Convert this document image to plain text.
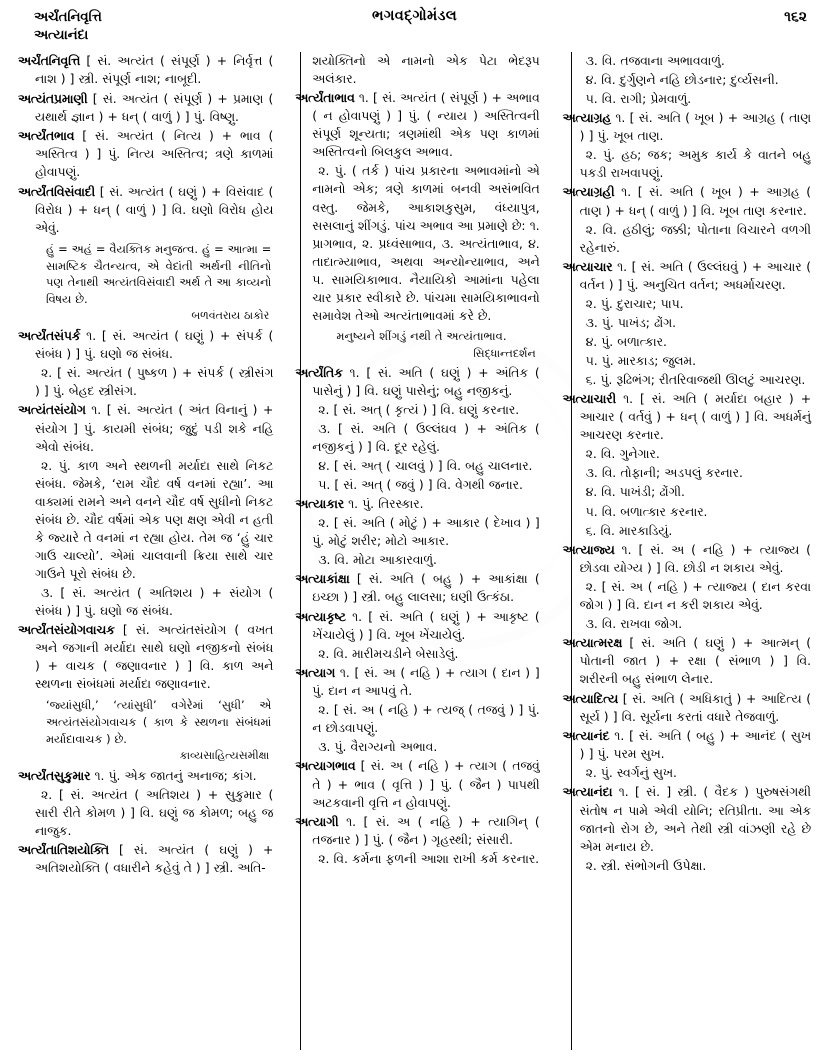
અર્ચંતનિવૃત્તિ
અત્યાનંદા
ભગવદ્ગોમંડલ	૧૬૨

અર્ચંતનિવૃત્તિ [ સં. અત્યંત ( સંપૂર્ણ ) + નિર્વૃત્ત ( નાશ ) ] સ્ત્રી. સંપૂર્ણ નાશ; નાબૂદી.

અત્યંતપ્રમાણી [ સં. અત્યંત ( સંપૂર્ણ ) + પ્રમાણ ( યથાર્થ જ્ઞાન ) + ધન્ ( વાળું ) ] પું. વિષ્ણુ.

અર્ત્યંતભાવ [ સં. અત્યંત ( નિત્ય ) + ભાવ ( અસ્તિત્વ ) ] પું. નિત્ય અસ્તિત્વ; ત્રણે કાળમાં હોવાપણું.

અર્ત્યંતવિસંવાદી [ સં. અત્યંત ( ઘણું ) + વિસંવાદ ( વિરોધ ) + ધન્ ( વાળું ) ] વિ. ઘણો વિરોધ હોય એવું.

હું = અહં = વૈયક્તિક મનુજત્વ. હું = આત્મા = સામષ્ટિક ચૈતન્યત્વ, એ વેદાંતી અર્થની નીતિનો પણ તેનાથી અત્યંતવિસંવાદી અર્થ તે આ કાવ્યનો વિષય છે.
બળવંતરાય ઠાકોર

અર્ત્યંતસંપર્ક ૧. [ સં. અત્યંત ( ઘણું ) + સંપર્ક ( સંબંધ ) ] પું. ઘણો જ સંબંધ.

૨. [ સં. અત્યંત ( પુષ્કળ ) + સંપર્ક ( સ્ત્રીસંગ ) ] પું. બેહદ સ્ત્રીસંગ.

અત્યંતસંયોગ ૧. [ સં. અત્યંત ( અંત વિનાનું ) + સંયોગ ] પું. કાયમી સંબંધ; જુદું પડી શકે નહિ એવો સંબંધ.

૨. પું. કાળ અને સ્થળની મર્યાદા સાથે નિકટ સંબંધ. જેમકે, ‘રામ ચૌદ વર્ષ વનમાં રહ્યા’. આ વાક્યમાં રામને અને વનને ચૌદ વર્ષ સુધીનો નિકટ સંબંધ છે. ચૌદ વર્ષમાં એક પણ ક્ષણ એવી ન હતી કે જ્યારે તે વનમાં ન રહ્યા હોય. તેમ જ ‘હું ચાર ગાઉ ચાલ્યો’. એમાં ચાલવાની ક્રિયા સાથે ચાર ગાઉને પૂરો સંબંધ છે.

૩. [ સં. અત્યંત ( અતિશય ) + સંયોગ ( સંબંધ ) ] પું. ઘણો જ સંબંધ.

અર્ત્યંતસંયોગવાચક [ સં. અત્યંતસંયોગ ( વખત અને જગાની મર્યાદા સાથે ઘણો નજીકનો સંબંધ ) + વાચક ( જણાવનાર ) ] વિ. કાળ અને સ્થળના સંબંધમાં મર્યાદા જણાવનાર.

‘જ્યાંસુધી,’ ‘ત્યાંસુધી’ વગેરેમાં ‘સુધી’ એ અત્યંતસંયોગવાચક ( કાળ કે સ્થળના સંબંધમાં મર્યાદાવાચક ) છે.
કાવ્યસાહિત્યસમીક્ષા

અર્ત્યંતસુકુમાર ૧. પું. એક જાતનું અનાજ; કાંગ.

૨. [ સં. અત્યંત ( અતિશય ) + સુકુમાર ( સારી રીતે કોમળ ) ] વિ. ઘણું જ કોમળ; બહુ જ નાજુક.

અર્ત્યંતાતિશયોક્તિ [ સં. અત્યંત ( ઘણું ) + અતિશયોક્તિ ( વધારીને કહેવું તે ) ] સ્ત્રી. અતિ-

શયોક્તિનો એ નામનો એક પેટા ભેદરૂપ અલંકાર.

અર્ત્યંતાભાવ ૧. [ સં. અત્યંત ( સંપૂર્ણ ) + અભાવ ( ન હોવાપણું ) ] પું. ( ન્યાય ) અસ્તિત્વની સંપૂર્ણ શૂન્યતા; ત્રણમાંથી એક પણ કાળમાં અસ્તિત્વનો બિલકુલ અભાવ.

૨. પું. ( તર્ક ) પાંચ પ્રકારના અભાવમાંનો એ નામનો એક; ત્રણે કાળમાં બનવી અસંભવિત વસ્તુ. જેમકે, આકાશકુસુમ, વંધ્યાપુત્ર, સસલાનું શીંગડું. પાંચ અભાવ આ પ્રમાણે છે: ૧. પ્રાગભાવ, ૨. પ્રધ્વંસાભાવ, ૩. અત્યંતાભાવ, ૪. તાદાત્મ્યાભાવ, અથવા અન્યોન્યાભાવ, અને ૫. સામયિકાભાવ. નૈયાયિકો આમાંના પહેલા ચાર પ્રકાર સ્વીકારે છે. પાંચમા સામયિકાભાવનો સમાવેશ તેઓ અત્યંતાભાવમાં કરે છે.

મનુષ્યને શીંગડું નથી તે અત્યંતાભાવ.
સિદ્ધાન્તદર્શન

અર્ત્યંતિક ૧. [ સં. અતિ ( ઘણું ) + અંતિક ( પાસેનું ) ] વિ. ઘણું પાસેનું; બહુ નજીકનું.

૨. [ સં. અત્ ( કૃત્યં ) ] વિ. ઘણું કરનાર.

૩. [ સં. અતિ ( ઉલ્લંઘવ ) + અંતિક ( નજીકનું ) ] વિ. દૂર રહેલું.

૪. [ સં. અત્ ( ચાલવું ) ] વિ. બહુ ચાલનાર.

૫. [ સં. અત્ ( જવું ) ] વિ. વેગથી જનાર.

અત્યાકાર ૧. પું. તિરસ્કાર.

૨. [ સં. અતિ ( મોટું ) + આકાર ( દેખાવ ) ] પું. મોટું શરીર; મોટો આકાર.

૩. વિ. મોટા આકારવાળું.

અત્યાકાંક્ષા [ સં. અતિ ( બહુ ) + આકાંક્ષા ( ઇચ્છા ) ] સ્ત્રી. બહુ લાલસા; ઘણી ઉત્કંઠા.

અત્યાકૃષ્ટ ૧. [ સં. અતિ ( ઘણું ) + આકૃષ્ટ ( ખેંચાયેલું ) ] વિ. ખૂબ ખેંચાયેલું.

૨. વિ. મારીમચડીને બેસાડેલું.

અત્યાગ ૧. [ સં. અ ( નહિ ) + ત્યાગ ( દાન ) ] પું. દાન ન આપવું તે.

૨. [ સં. અ ( નહિ ) + ત્યજ્ ( તજવું ) ] પું. ન છોડવાપણું.

૩. પું. વૈરાગ્યનો અભાવ.

અત્યાગભાવ [ સં. અ ( નહિ ) + ત્યાગ ( તજવું તે ) + ભાવ ( વૃત્તિ ) ] પું. ( જૈન ) પાપથી અટકવાની વૃત્તિ ન હોવાપણું.

અત્યાગી ૧. [ સં. અ ( નહિ ) + ત્યાગિન્ ( તજનાર ) ] પું. ( જૈન ) ગૃહસ્થી; સંસારી.

૨. વિ. કર્મના ફળની આશા રાખી કર્મ કરનાર.

૩. વિ. તજવાના અભાવવાળું.

૪. વિ. દુર્ગુણને નહિ છોડનાર; દુર્વ્યસની.

૫. વિ. રાગી; પ્રેમવાળું.

અત્યાગ્રહ ૧. [ સં. અતિ ( ખૂબ ) + આગ્રહ ( તાણ ) ] પું. ખૂબ તાણ.

૨. પું. હઠ; જક; અમુક કાર્ય કે વાતને બહુ પકડી રાખવાપણું.

અત્યાગ્રહી ૧. [ સં. અતિ ( ખૂબ ) + આગ્રહ ( તાણ ) + ધન્ ( વાળું ) ] વિ. ખૂબ તાણ કરનાર.

૨. વિ. હઠીલું; જક્કી; પોતાના વિચારને વળગી રહેનારું.

અત્યાચાર ૧. [ સં. અતિ ( ઉલ્લંઘવું ) + આચાર ( વર્તન ) ] પું. અનુચિત વર્તન; અધર્માચરણ.

૨. પું. દુરાચાર; પાપ.

૩. પું. પાખંડ; ઢોંગ.

૪. પું. બળાત્કાર.

૫. પું. મારકાડ; જુલમ.

૬. પું. રૂઢિભંગ; રીતરિવાજથી ઊલટું આચરણ.

અત્યાચારી ૧. [ સં. અતિ ( મર્યાદા બહાર ) + આચાર ( વર્તવું ) + ધન્ ( વાળું ) ] વિ. અધર્મનું આચરણ કરનાર.

૨. વિ. ગુનેગાર.

૩. વિ. તોફાની; અડપલું કરનાર.

૪. વિ. પાખંડી; ઢોંગી.

૫. વિ. બળાત્કાર કરનાર.

૬. વિ. મારકાડિયું.

અત્યાજ્ય ૧. [ સં. અ ( નહિ ) + ત્યાજ્ય ( છોડવા યોગ્ય ) ] વિ. છોડી ન શકાય એવું.

૨. [ સં. અ ( નહિ ) + ત્યાજ્ય ( દાન કરવા જોગ ) ] વિ. દાન ન કરી શકાય એવું.

૩. વિ. રાખવા જોગ.

અત્યાત્મરક્ષ [ સં. અતિ ( ઘણું ) + આત્મન્ ( પોતાની જાત ) + રક્ષા ( સંભાળ ) ] વિ. શરીરની બહુ સંભાળ લેનાર.

અત્યાદિત્ય [ સં. અતિ ( અધિકાતું ) + આદિત્ય ( સૂર્ય ) ] વિ. સૂર્યના કરતાં વધારે તેજવાળું.

અત્યાનંદ ૧. [ સં. અતિ ( બહુ ) + આનંદ ( સુખ ) ] પું. પરમ સુખ.

૨. પું. સ્વર્ગનું સુખ.

અત્યાનંદા ૧. [ સં. ] સ્ત્રી. ( વૈદક ) પુરુષસંગથી સંતોષ ન પામે એવી યોનિ; રતિપ્રીતા. આ એક જાતનો રોગ છે, અને તેથી સ્ત્રી વાંઝણી રહે છે એમ મનાય છે.

૨. સ્ત્રી. સંભોગની ઉપેક્ષા.
